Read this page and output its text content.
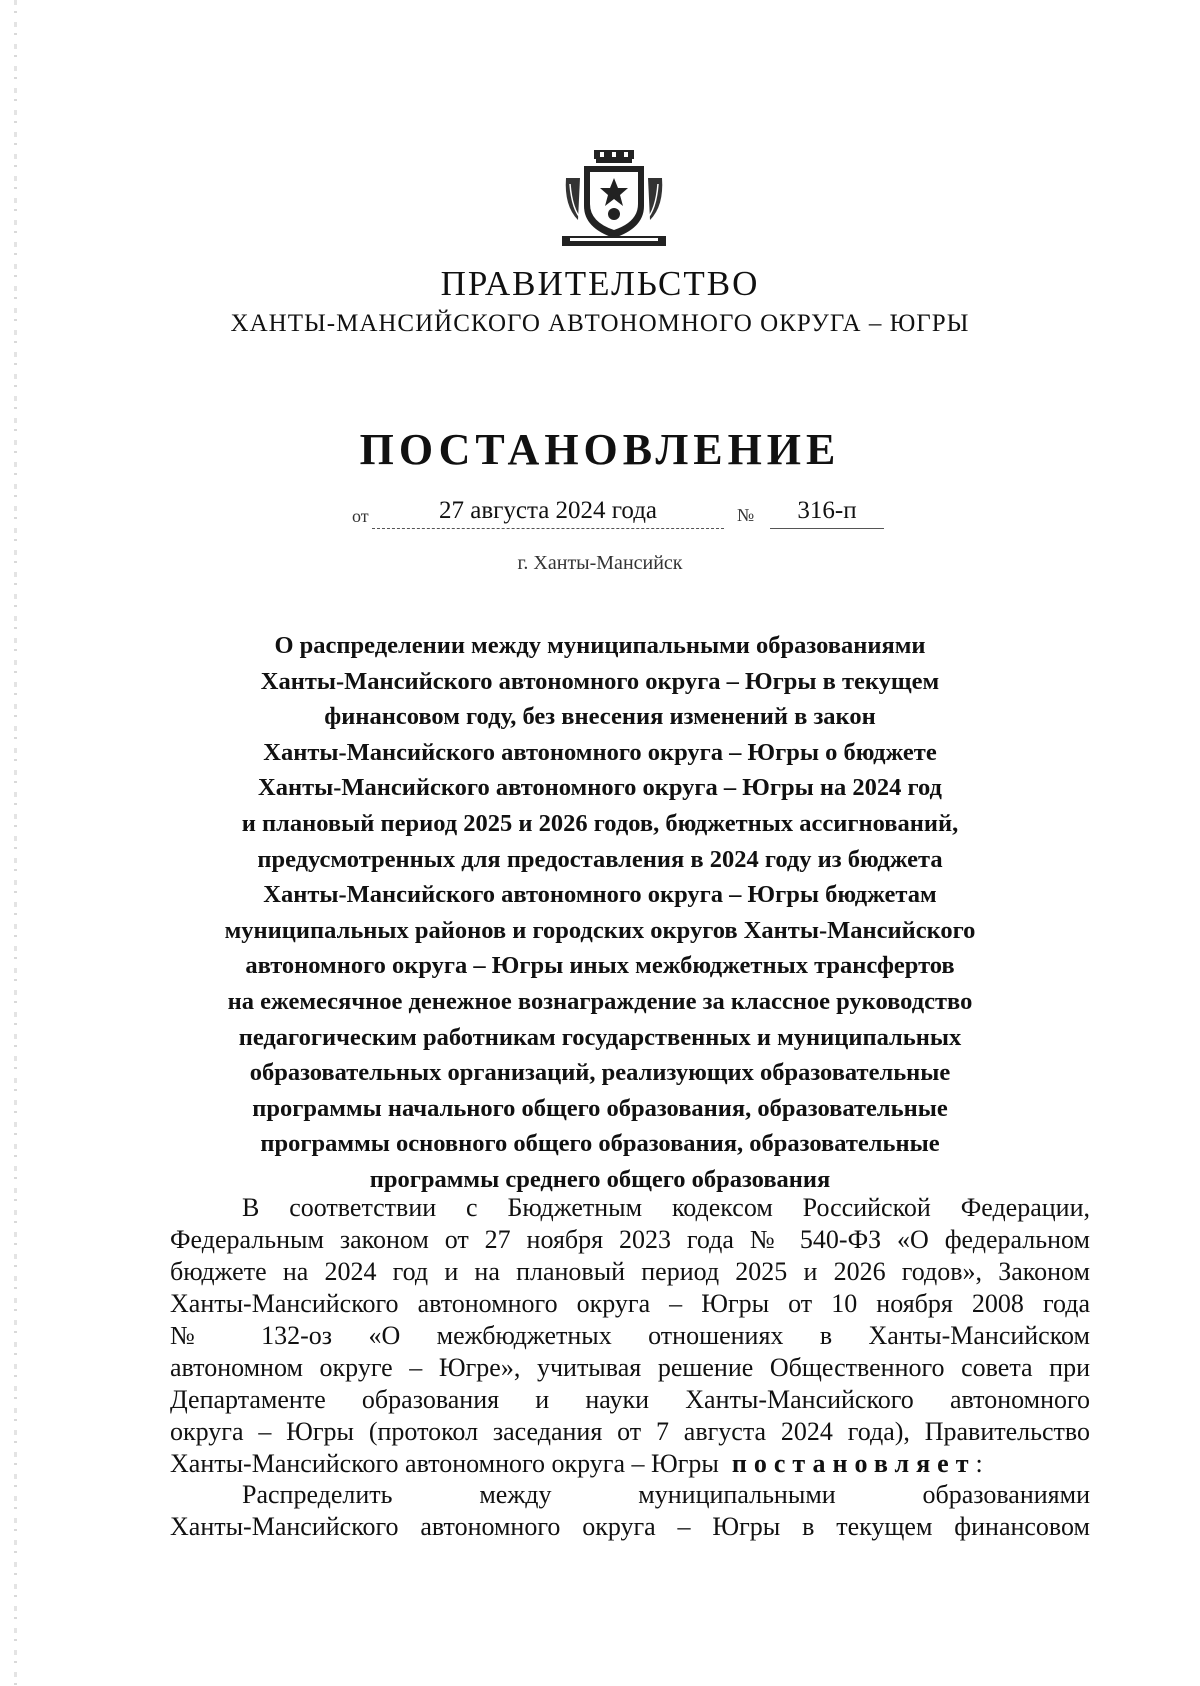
ПРАВИТЕЛЬСТВО
ХАНТЫ-МАНСИЙСКОГО АВТОНОМНОГО ОКРУГА – ЮГРЫ
ПОСТАНОВЛЕНИЕ
от	27 августа 2024 года	№	316-п
г. Ханты-Мансийск
О распределении между муниципальными образованиями
Ханты-Мансийского автономного округа – Югры в текущем
финансовом году, без внесения изменений в закон
Ханты-Мансийского автономного округа – Югры о бюджете
Ханты-Мансийского автономного округа – Югры на 2024 год
и плановый период 2025 и 2026 годов, бюджетных ассигнований,
предусмотренных для предоставления в 2024 году из бюджета
Ханты-Мансийского автономного округа – Югры бюджетам
муниципальных районов и городских округов Ханты-Мансийского
автономного округа – Югры иных межбюджетных трансфертов
на ежемесячное денежное вознаграждение за классное руководство
педагогическим работникам государственных и муниципальных
образовательных организаций, реализующих образовательные
программы начального общего образования, образовательные
программы основного общего образования, образовательные
программы среднего общего образования
В соответствии с Бюджетным кодексом Российской Федерации,
Федеральным законом от 27 ноября 2023 года № 540-ФЗ «О федеральном
бюджете на 2024 год и на плановый период 2025 и 2026 годов», Законом
Ханты-Мансийского автономного округа – Югры от 10 ноября 2008 года
№ 132-оз «О межбюджетных отношениях в Ханты-Мансийском
автономном округе – Югре», учитывая решение Общественного совета при
Департаменте образования и науки Ханты-Мансийского автономного
округа – Югры (протокол заседания от 7 августа 2024 года), Правительство
Ханты-Мансийского автономного округа – Югры постановляет:
Распределить между муниципальными образованиями
Ханты-Мансийского автономного округа – Югры в текущем финансовом
